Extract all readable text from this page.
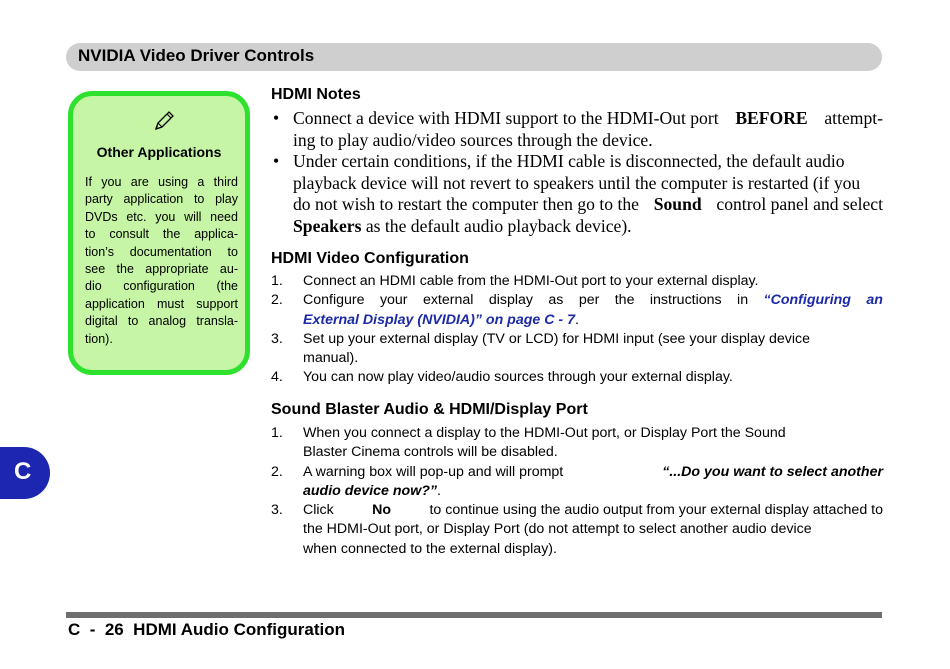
NVIDIA Video Driver Controls
Other Applications
If you are using a third
party application to play
DVDs etc. you will need
to consult the applica-
tion’s documentation to
see the appropriate au-
dio configuration (the
application must support
digital to analog transla-
tion).
HDMI Notes
• Connect a device with HDMI support to the HDMI-Out port BEFORE attempt-
ing to play audio/video sources through the device.
• Under certain conditions, if the HDMI cable is disconnected, the default audio
playback device will not revert to speakers until the computer is restarted (if you
do not wish to restart the computer then go to the Sound control panel and select
Speakers as the default audio playback device).
HDMI Video Configuration
1. Connect an HDMI cable from the HDMI-Out port to your external display.
2. Configure your external display as per the instructions in “Configuring an
External Display (NVIDIA)” on page C - 7 .
3. Set up your external display (TV or LCD) for HDMI input (see your display device
manual).
4. You can now play video/audio sources through your external display.
Sound Blaster Audio & HDMI/Display Port
1. When you connect a display to the HDMI-Out port, or Display Port the Sound
Blaster Cinema controls will be disabled.
2. A warning box will pop-up and will prompt	“...Do you want to select another
audio device now?” .
3. Click No to continue using the audio output from your external display attached to
the HDMI-Out port, or Display Port (do not attempt to select another audio device
when connected to the external display).
C
C  -  26  HDMI Audio Configuration
